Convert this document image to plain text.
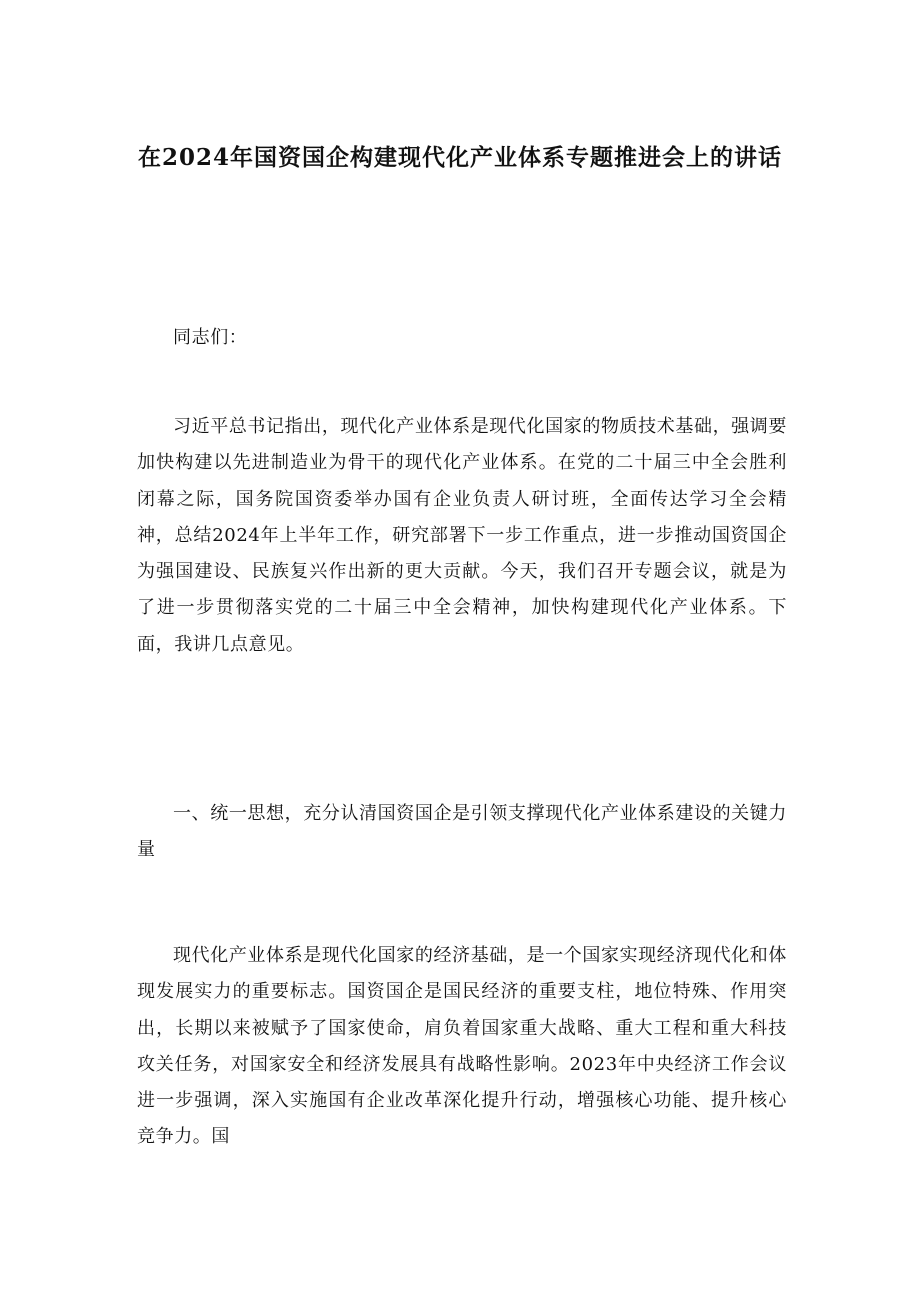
在2024年国资国企构建现代化产业体系专题推进会上的讲话

同志们：

习近平总书记指出，现代化产业体系是现代化国家的物质技术基础，强调要加快构建以先进制造业为骨干的现代化产业体系。在党的二十届三中全会胜利闭幕之际，国务院国资委举办国有企业负责人研讨班，全面传达学习全会精神，总结2024年上半年工作，研究部署下一步工作重点，进一步推动国资国企为强国建设、民族复兴作出新的更大贡献。今天，我们召开专题会议，就是为了进一步贯彻落实党的二十届三中全会精神，加快构建现代化产业体系。下面，我讲几点意见。

一、统一思想，充分认清国资国企是引领支撑现代化产业体系建设的关键力量

现代化产业体系是现代化国家的经济基础，是一个国家实现经济现代化和体现发展实力的重要标志。国资国企是国民经济的重要支柱，地位特殊、作用突出，长期以来被赋予了国家使命，肩负着国家重大战略、重大工程和重大科技攻关任务，对国家安全和经济发展具有战略性影响。2023年中央经济工作会议进一步强调，深入实施国有企业改革深化提升行动，增强核心功能、提升核心竞争力。国
